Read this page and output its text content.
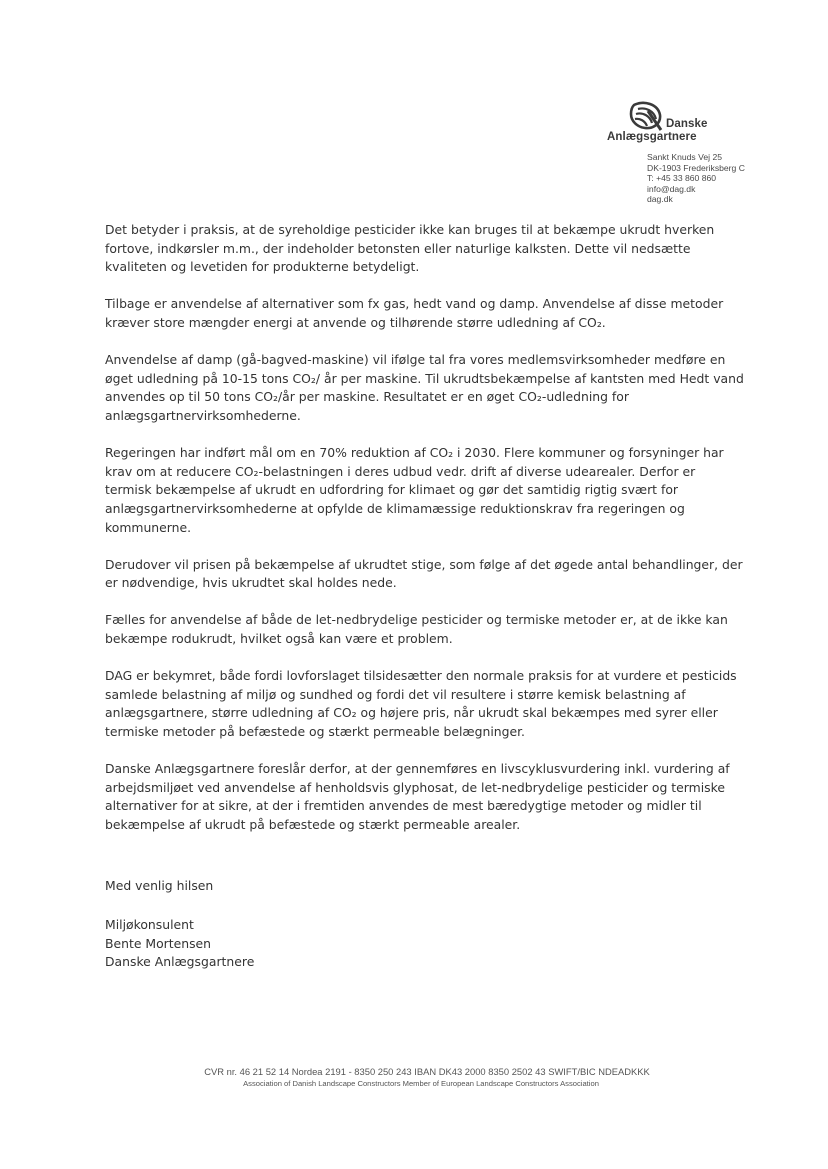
Danske
Anlægsgartnere
Sankt Knuds Vej 25
DK-1903 Frederiksberg C
T: +45 33 860 860
info@dag.dk
dag.dk

Det betyder i praksis, at de syreholdige pesticider ikke kan bruges til at bekæmpe ukrudt hverken fortove, indkørsler m.m., der indeholder betonsten eller naturlige kalksten. Dette vil nedsætte kvaliteten og levetiden for produkterne betydeligt.

Tilbage er anvendelse af alternativer som fx gas, hedt vand og damp. Anvendelse af disse metoder kræver store mængder energi at anvende og tilhørende større udledning af CO₂.

Anvendelse af damp (gå-bagved-maskine) vil ifølge tal fra vores medlemsvirksomheder medføre en øget udledning på 10-15 tons CO₂/ år per maskine. Til ukrudtsbekæmpelse af kantsten med Hedt vand anvendes op til 50 tons CO₂/år per maskine. Resultatet er en øget CO₂-udledning for anlægsgartnervirksomhederne.

Regeringen har indført mål om en 70% reduktion af CO₂ i 2030. Flere kommuner og forsyninger har krav om at reducere CO₂-belastningen i deres udbud vedr. drift af diverse udearealer. Derfor er termisk bekæmpelse af ukrudt en udfordring for klimaet og gør det samtidig rigtig svært for anlægsgartnervirksomhederne at opfylde de klimamæssige reduktionskrav fra regeringen og kommunerne.

Derudover vil prisen på bekæmpelse af ukrudtet stige, som følge af det øgede antal behandlinger, der er nødvendige, hvis ukrudtet skal holdes nede.

Fælles for anvendelse af både de let-nedbrydelige pesticider og termiske metoder er, at de ikke kan bekæmpe rodukrudt, hvilket også kan være et problem.

DAG er bekymret, både fordi lovforslaget tilsidesætter den normale praksis for at vurdere et pesticids samlede belastning af miljø og sundhed og fordi det vil resultere i større kemisk belastning af anlægsgartnere, større udledning af CO₂ og højere pris, når ukrudt skal bekæmpes med syrer eller termiske metoder på befæstede og stærkt permeable belægninger.

Danske Anlægsgartnere foreslår derfor, at der gennemføres en livscyklusvurdering inkl. vurdering af arbejdsmiljøet ved anvendelse af henholdsvis glyphosat, de let-nedbrydelige pesticider og termiske alternativer for at sikre, at der i fremtiden anvendes de mest bæredygtige metoder og midler til bekæmpelse af ukrudt på befæstede og stærkt permeable arealer.

Med venlig hilsen
Miljøkonsulent
Bente Mortensen
Danske Anlægsgartnere
CVR nr. 46 21 52 14 Nordea 2191 - 8350 250 243 IBAN DK43 2000 8350 2502 43 SWIFT/BIC NDEADKKK
Association of Danish Landscape Constructors Member of European Landscape Constructors Association
